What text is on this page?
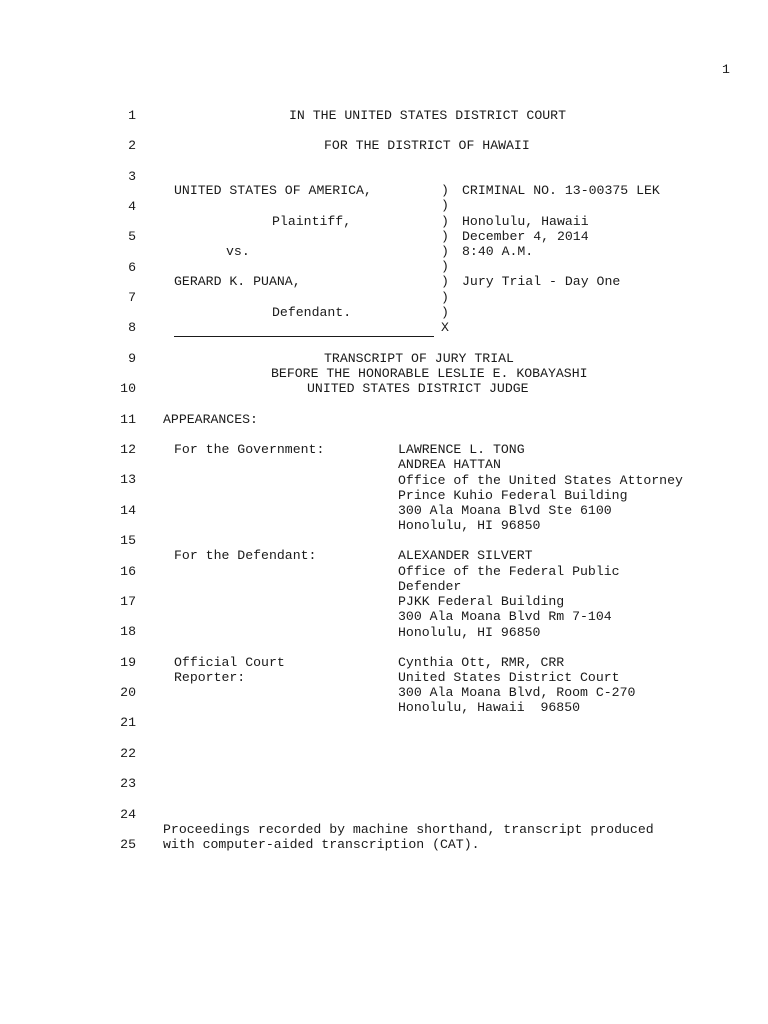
1
1
2
3
4
5
6
7
8
9
10
11
12
13
14
15
16
17
18
19
20
21
22
23
24
25
IN THE UNITED STATES DISTRICT COURT
FOR THE DISTRICT OF HAWAII
UNITED STATES OF AMERICA,
Plaintiff,
vs.
GERARD K. PUANA,
Defendant.
)
)
)
)
)
)
)
)
)
X
CRIMINAL NO. 13-00375 LEK
Honolulu, Hawaii
December 4, 2014
8:40 A.M.
Jury Trial - Day One
TRANSCRIPT OF JURY TRIAL
BEFORE THE HONORABLE LESLIE E. KOBAYASHI
UNITED STATES DISTRICT JUDGE
APPEARANCES:
For the Government:	LAWRENCE L. TONG
ANDREA HATTAN
Office of the United States Attorney
Prince Kuhio Federal Building
300 Ala Moana Blvd Ste 6100
Honolulu, HI 96850
For the Defendant:	ALEXANDER SILVERT
Office of the Federal Public
Defender
PJKK Federal Building
300 Ala Moana Blvd Rm 7-104
Honolulu, HI 96850
Official Court
Reporter:
Cynthia Ott, RMR, CRR
United States District Court
300 Ala Moana Blvd, Room C-270
Honolulu, Hawaii  96850
Proceedings recorded by machine shorthand, transcript produced
with computer-aided transcription (CAT).
